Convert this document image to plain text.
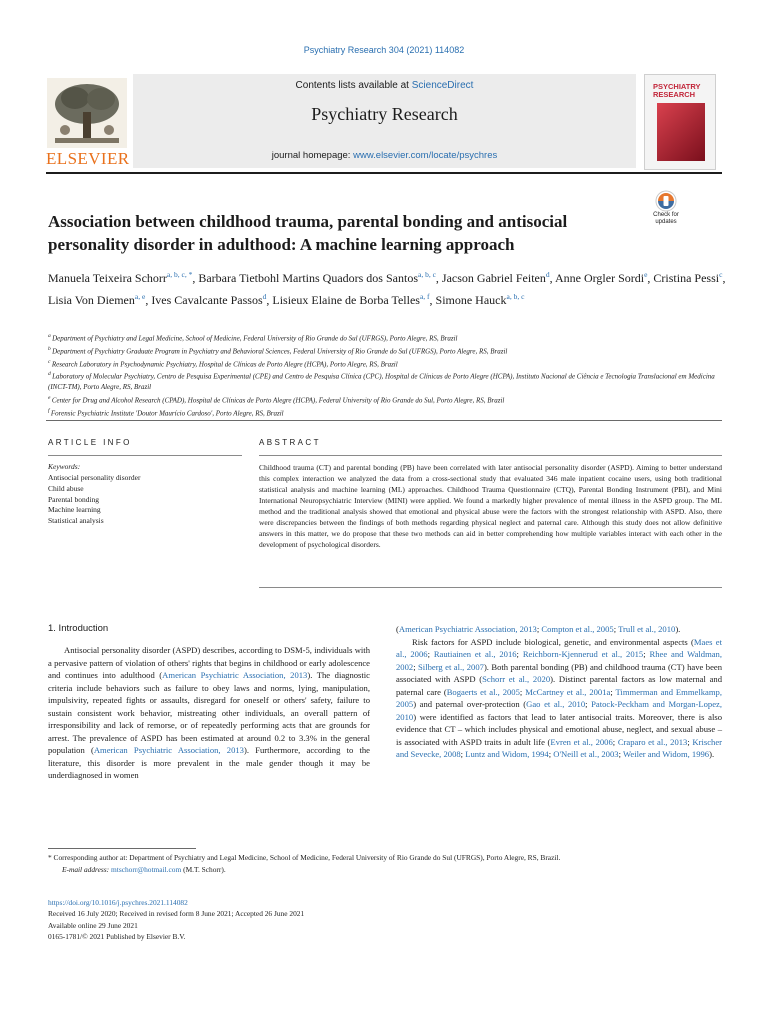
Psychiatry Research 304 (2021) 114082
Contents lists available at ScienceDirect
Psychiatry Research
journal homepage: www.elsevier.com/locate/psychres
ELSEVIER
PSYCHIATRY RESEARCH
Association between childhood trauma, parental bonding and antisocial personality disorder in adulthood: A machine learning approach
Check for updates
Manuela Teixeira Schorr$^{a, b, c, *}$, Barbara Tietbohl Martins Quadors dos Santos$^{a, b, c}$, Jacson Gabriel Feiten$^d$, Anne Orgler Sordi$^e$, Cristina Pessi$^c$, Lisia Von Diemen$^{a, e}$, Ives Cavalcante Passos$^d$, Lisieux Elaine de Borba Telles$^{a, f}$, Simone Hauck$^{a, b, c}$
$^a$ Department of Psychiatry and Legal Medicine, School of Medicine, Federal University of Rio Grande do Sul (UFRGS), Porto Alegre, RS, Brazil
$^b$ Department of Psychiatry Graduate Program in Psychiatry and Behavioral Sciences, Federal University of Rio Grande do Sul (UFRGS), Porto Alegre, RS, Brazil
$^c$ Research Laboratory in Psychodynamic Psychiatry, Hospital de Clínicas de Porto Alegre (HCPA), Porto Alegre, RS, Brazil
$^d$ Laboratory of Molecular Psychiatry, Centro de Pesquisa Experimental (CPE) and Centro de Pesquisa Clínica (CPC), Hospital de Clínicas de Porto Alegre (HCPA), Instituto Nacional de Ciência e Tecnologia Translacional em Medicina (INCT-TM), Porto Alegre, RS, Brazil
$^e$ Center for Drug and Alcohol Research (CPAD), Hospital de Clínicas de Porto Alegre (HCPA), Federal University of Rio Grande do Sul, Porto Alegre, RS, Brazil
$^f$ Forensic Psychiatric Institute 'Doutor Maurício Cardoso', Porto Alegre, RS, Brazil
ARTICLE INFO	ABSTRACT
Keywords:
Antisocial personality disorder
Child abuse
Parental bonding
Machine learning
Statistical analysis
Childhood trauma (CT) and parental bonding (PB) have been correlated with later antisocial personality disorder (ASPD). Aiming to better understand this complex interaction we analyzed the data from a cross-sectional study that evaluated 346 male inpatient cocaine users, using both traditional statistical analysis and machine learning (ML) approaches. Childhood Trauma Questionnaire (CTQ), Parental Bonding Instrument (PBI), and Mini International Neuropsychiatric Interview (MINI) were applied. We found a markedly higher prevalence of mental illness in the ASPD group. The ML method and the traditional analysis showed that emotional and physical abuse were the factors with the strongest relationship with ASPD. Also, there were discrepancies between the findings of both methods regarding physical neglect and paternal care. Although this study does not allow definitive answers in this matter, we do propose that these two methods can aid in better comprehending how multiple variables interact with each other in the development of psychological disorders.
1. Introduction

Antisocial personality disorder (ASPD) describes, according to DSM-5, individuals with a pervasive pattern of violation of others' rights that begins in childhood or early adolescence and continues into adulthood (American Psychiatric Association, 2013). The diagnostic criteria include behaviors such as failure to obey laws and norms, lying, manipulation, impulsivity, repeated fights or assaults, disregard for oneself or others' safety, failure to sustain consistent work behavior, mistreating other individuals, an overall pattern of irresponsibility and lack of remorse, or of repeatedly performing acts that are grounds for arrest. The prevalence of ASPD has been estimated at around 0.2 to 3.3% in the general population (American Psychiatric Association, 2013). Furthermore, according to the literature, this disorder is more prevalent in the male gender though it may be underdiagnosed in women

(American Psychiatric Association, 2013; Compton et al., 2005; Trull et al., 2010).

Risk factors for ASPD include biological, genetic, and environmental aspects (Maes et al., 2006; Rautiainen et al., 2016; Reichborn-Kjennerud et al., 2015; Rhee and Waldman, 2002; Silberg et al., 2007). Both parental bonding (PB) and childhood trauma (CT) have been associated with ASPD (Schorr et al., 2020). Distinct parental factors as low maternal and paternal care (Bogaerts et al., 2005; McCartney et al., 2001a; Timmerman and Emmelkamp, 2005) and paternal over-protection (Gao et al., 2010; Patock-Peckham and Morgan-Lopez, 2010) were identified as factors that lead to later antisocial traits. Moreover, there is also evidence that CT – which includes physical and emotional abuse, neglect, and sexual abuse – is associated with ASPD traits in adult life (Evren et al., 2006; Craparo et al., 2013; Krischer and Sevecke, 2008; Luntz and Widom, 1994; O'Neill et al., 2003; Weiler and Widom, 1996).

* Corresponding author at: Department of Psychiatry and Legal Medicine, School of Medicine, Federal University of Rio Grande do Sul (UFRGS), Porto Alegre, RS, Brazil.
E-mail address: mtschorr@hotmail.com (M.T. Schorr).
https://doi.org/10.1016/j.psychres.2021.114082
Received 16 July 2020; Received in revised form 8 June 2021; Accepted 26 June 2021
Available online 29 June 2021
0165-1781/© 2021 Published by Elsevier B.V.
